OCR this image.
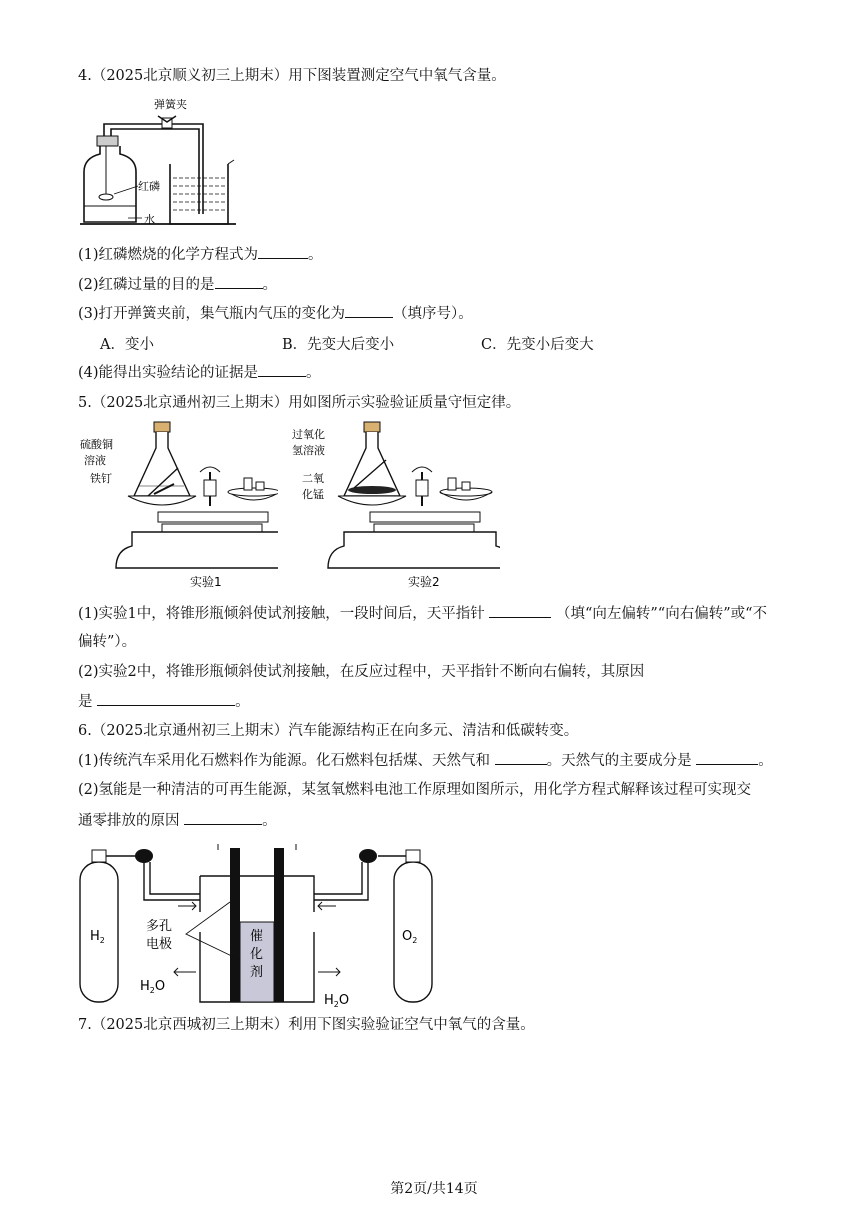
4.（2025北京顺义初三上期末）用下图装置测定空气中氧气含量。
弹簧夹
红磷
水
(1)红磷燃烧的化学方程式为	。
(2)红磷过量的目的是	。
(3)打开弹簧夹前，集气瓶内气压的变化为	（填序号）。
A．变小	B．先变大后变小	C．先变小后变大
(4)能得出实验结论的证据是	。
5.（2025北京通州初三上期末）用如图所示实验验证质量守恒定律。
硫酸铜
溶液
铁钉
实验1
过氧化
氢溶液
二氧
化锰
实验2
(1)实验1中，将锥形瓶倾斜使试剂接触，一段时间后，天平指针	（填“向左偏转”“向右偏转”或“不
偏转”）。
(2)实验2中，将锥形瓶倾斜使试剂接触，在反应过程中，天平指针不断向右偏转，其原因
是	。
6.（2025北京通州初三上期末）汽车能源结构正在向多元、清洁和低碳转变。
(1)传统汽车采用化石燃料作为能源。化石燃料包括煤、天然气和	。天然气的主要成分是	。
(2)氢能是一种清洁的可再生能源，某氢氧燃料电池工作原理如图所示，用化学方程式解释该过程可实现交
通零排放的原因	。
$H_2$	$O_2$
催
化
剂
多孔
电极
$H_2O$
$H_2O$
7.（2025北京西城初三上期末）利用下图实验验证空气中氧气的含量。
第2页/共14页
